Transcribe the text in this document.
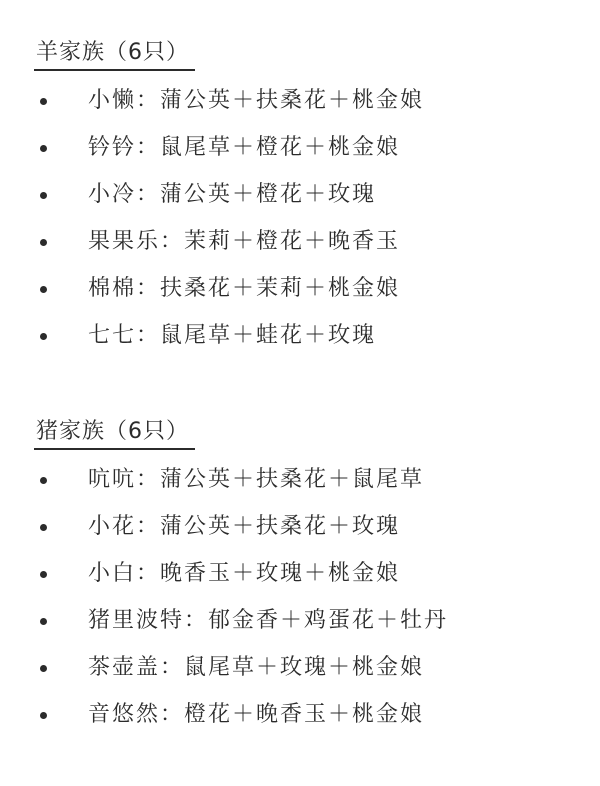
羊家族（6只）
小懒：蒲公英＋扶桑花＋桃金娘
钤钤：鼠尾草＋橙花＋桃金娘
小冷：蒲公英＋橙花＋玫瑰
果果乐：茉莉＋橙花＋晚香玉
棉棉：扶桑花＋茉莉＋桃金娘
七七：鼠尾草＋蛙花＋玫瑰
猪家族（6只）
吭吭：蒲公英＋扶桑花＋鼠尾草
小花：蒲公英＋扶桑花＋玫瑰
小白：晚香玉＋玫瑰＋桃金娘
猪里波特：郁金香＋鸡蛋花＋牡丹
茶壶盖：鼠尾草＋玫瑰＋桃金娘
音悠然：橙花＋晚香玉＋桃金娘
